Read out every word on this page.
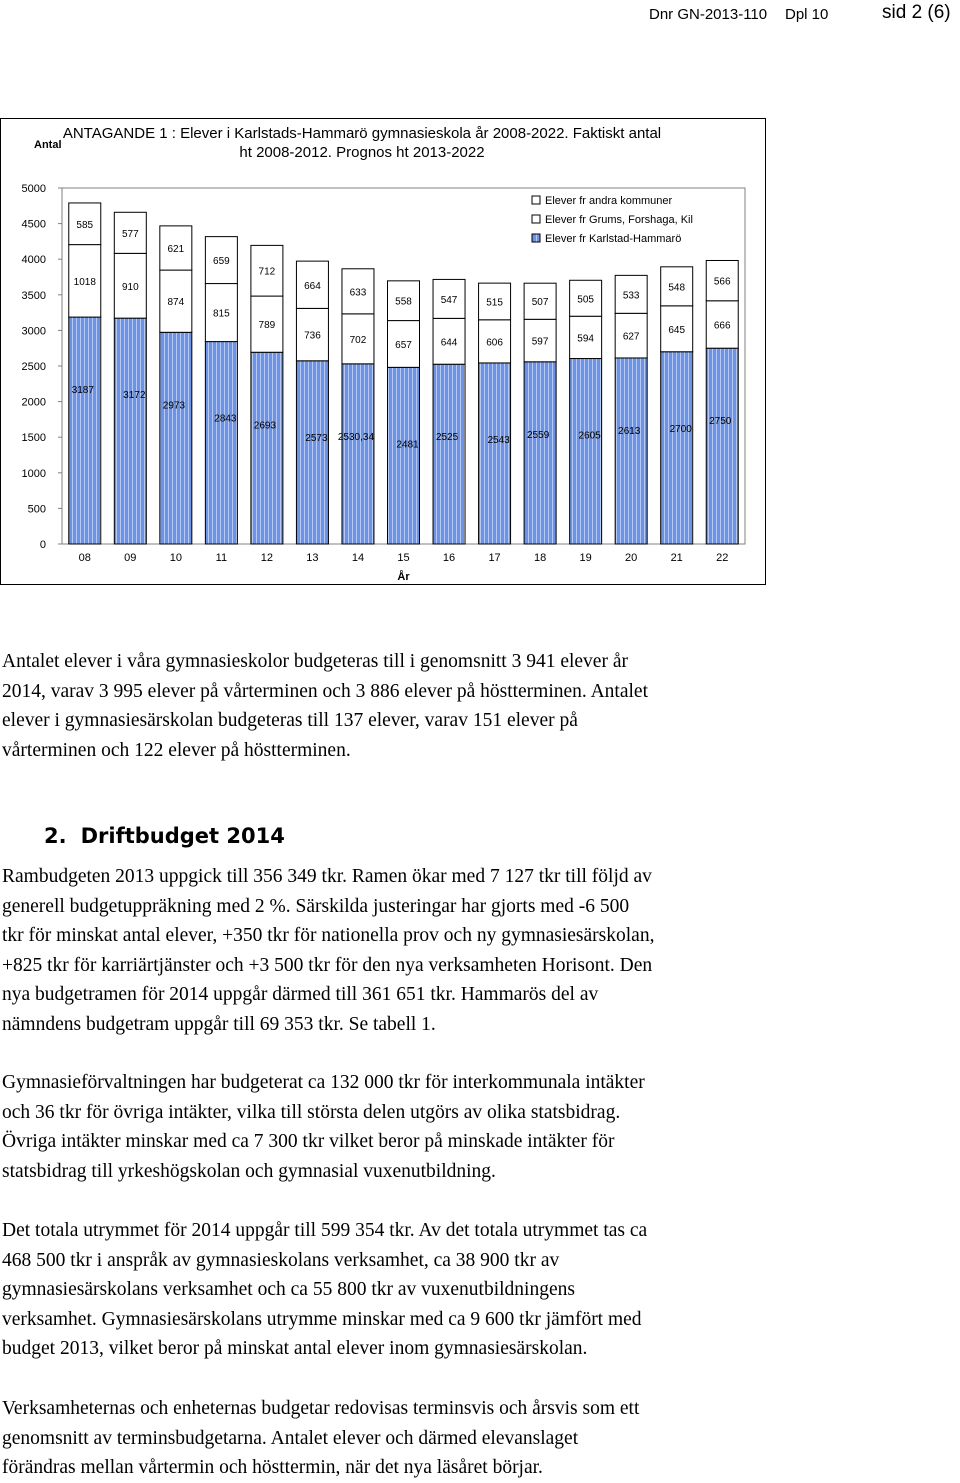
Dnr GN-2013-110 Dpl 10	sid 2 (6)
0
500
1000
1500
2000
2500
3000
3500
4000
4500
5000
3187
1018
585
08
3172
910
577
09
2973
874
621
10
2843
815
659
11
2693
789
712
12
2573
736
664
13
2530,34
702
633
14
2481
657
558
15
2525
644
547
16
2543
606
515
17
2559
597
507
18
2605
594
505
19
2613
627
533
20
2700
645
548
21
2750
666
566
22
År
Elever fr andra kommuner
Elever fr Grums, Forshaga, Kil
Elever fr Karlstad-Hammarö
ANTAGANDE 1 : Elever i Karlstads-Hammarö gymnasieskola år 2008-2022. Faktiskt antal ht 2008-2012. Prognos ht 2013-2022
Antal

Antalet elever i våra gymnasieskolor budgeteras till i genomsnitt 3 941 elever år

2014, varav 3 995 elever på vårterminen och 3 886 elever på höstterminen. Antalet

elever i gymnasiesärskolan budgeteras till 137 elever, varav 151 elever på

vårterminen och 122 elever på höstterminen.

2. Driftbudget 2014

Rambudgeten 2013 uppgick till 356 349 tkr. Ramen ökar med 7 127 tkr till följd av

generell budgetuppräkning med 2 %. Särskilda justeringar har gjorts med -6 500

tkr för minskat antal elever, +350 tkr för nationella prov och ny gymnasiesärskolan,

+825 tkr för karriärtjänster och +3 500 tkr för den nya verksamheten Horisont. Den

nya budgetramen för 2014 uppgår därmed till 361 651 tkr. Hammarös del av

nämndens budgetram uppgår till 69 353 tkr. Se tabell 1.

Gymnasieförvaltningen har budgeterat ca 132 000 tkr för interkommunala intäkter

och 36 tkr för övriga intäkter, vilka till största delen utgörs av olika statsbidrag.

Övriga intäkter minskar med ca 7 300 tkr vilket beror på minskade intäkter för

statsbidrag till yrkeshögskolan och gymnasial vuxenutbildning.

Det totala utrymmet för 2014 uppgår till 599 354 tkr. Av det totala utrymmet tas ca

468 500 tkr i anspråk av gymnasieskolans verksamhet, ca 38 900 tkr av

gymnasiesärskolans verksamhet och ca 55 800 tkr av vuxenutbildningens

verksamhet. Gymnasiesärskolans utrymme minskar med ca 9 600 tkr jämfört med

budget 2013, vilket beror på minskat antal elever inom gymnasiesärskolan.

Verksamheternas och enheternas budgetar redovisas terminsvis och årsvis som ett

genomsnitt av terminsbudgetarna. Antalet elever och därmed elevanslaget

förändras mellan vårtermin och hösttermin, när det nya läsåret börjar.
